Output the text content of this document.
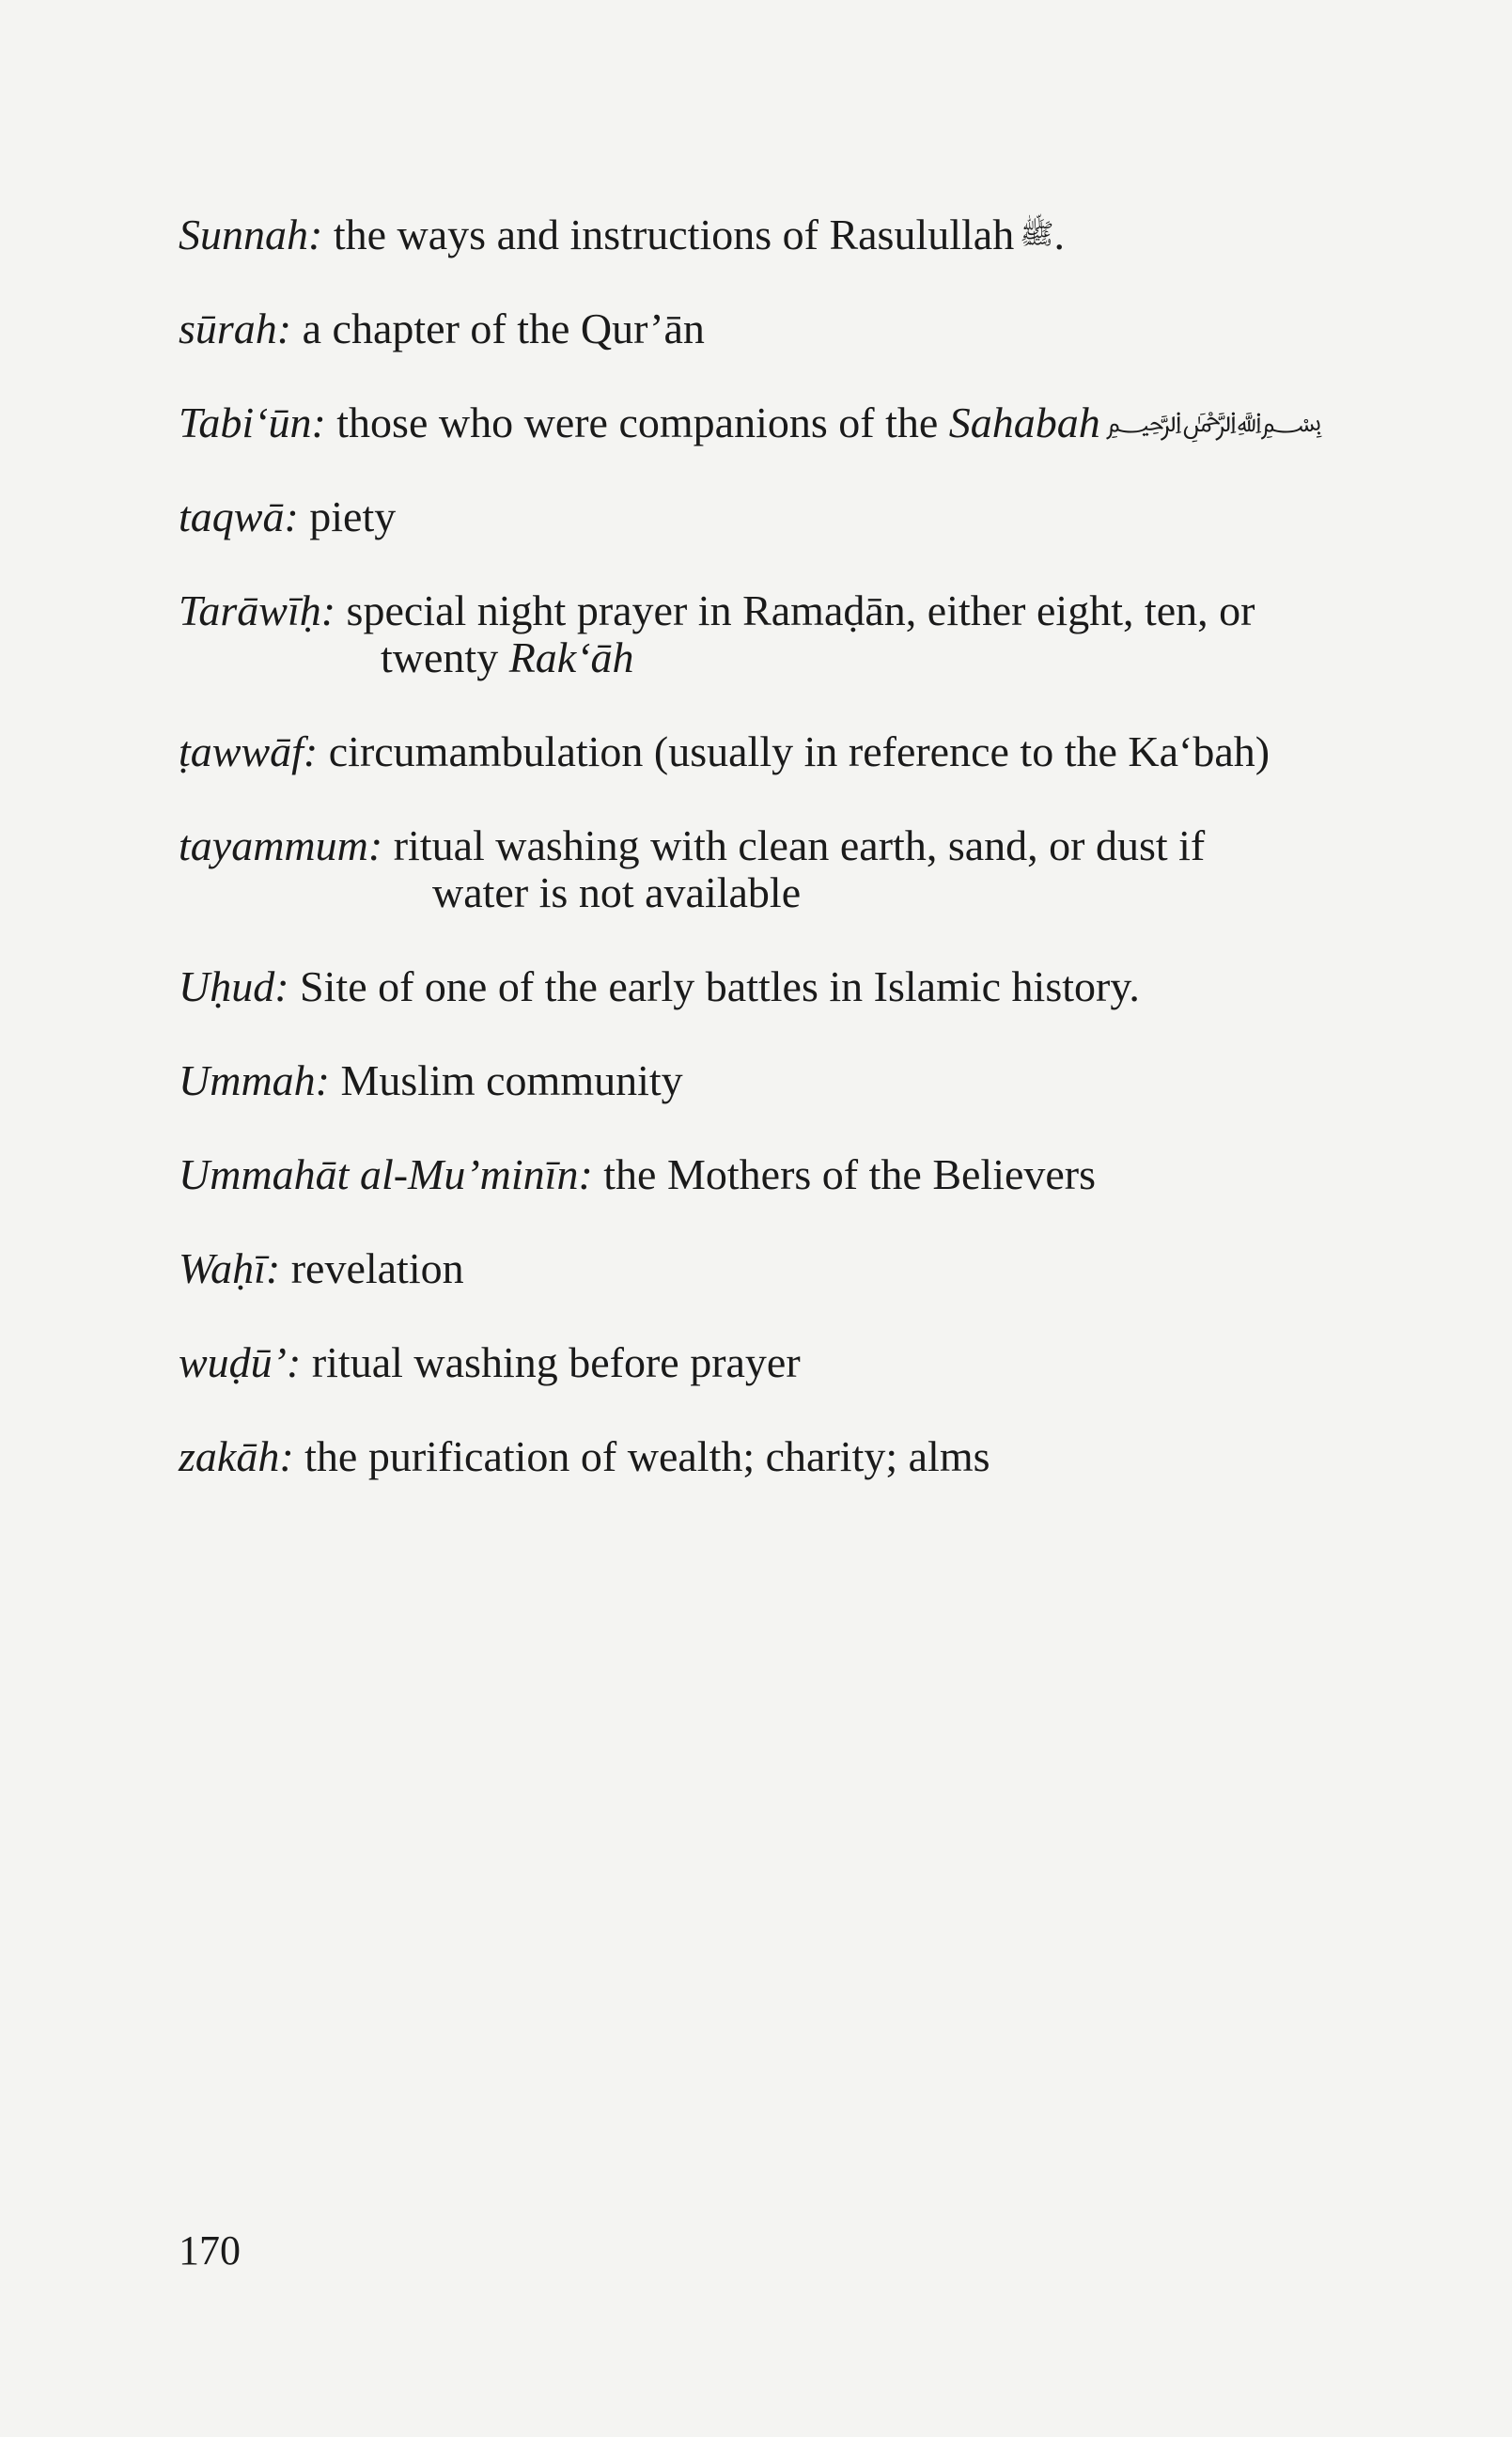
Sunnah: the ways and instructions of Rasulullah ﷺ.
sūrah: a chapter of the Qur’ān
Tabi‘ūn: those who were companions of the Sahabah ﷽
taqwā: piety
Tarāwīḥ: special night prayer in Ramaḍān, either eight, ten, or twenty Rak‘āh
ṭawwāf: circumambulation (usually in reference to the Ka‘bah)
tayammum: ritual washing with clean earth, sand, or dust if water is not available
Uḥud: Site of one of the early battles in Islamic history.
Ummah: Muslim community
Ummahāt al-Mu’minīn: the Mothers of the Believers
Waḥī: revelation
wuḍū’: ritual washing before prayer
zakāh: the purification of wealth; charity; alms
170
